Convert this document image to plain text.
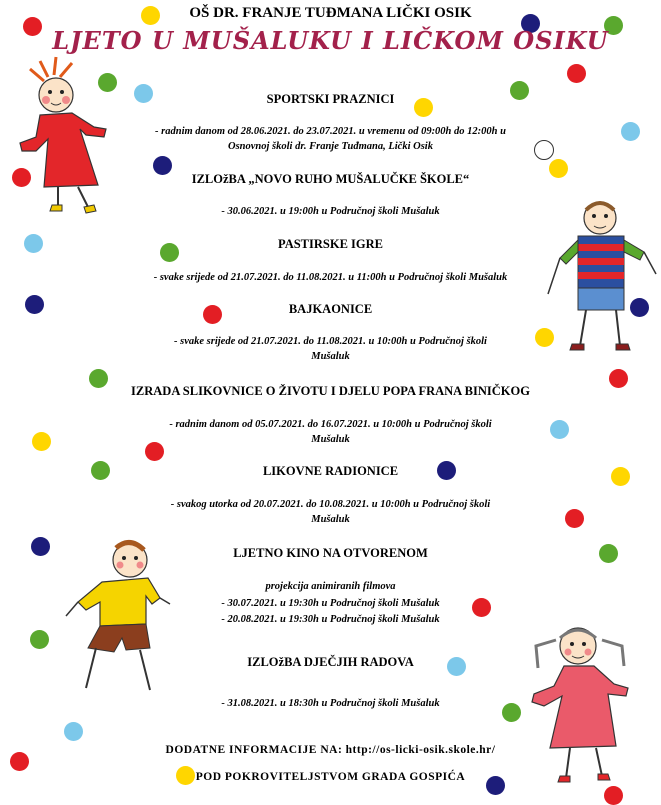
OŠ DR. FRANJE TUĐMANA LIČKI OSIK
LJETO U MUŠALUKU I LIČKOM OSIKU
SPORTSKI PRAZNICI
- radnim danom od 28.06.2021. do 23.07.2021. u vremenu od 09:00h do 12:00h u
Osnovnoj školi dr. Franje Tuđmana, Lički Osik
IZLOžBA „NOVO RUHO MUŠALUČKE ŠKOLE“
- 30.06.2021. u 19:00h u Područnoj školi Mušaluk
PASTIRSKE IGRE
- svake srijede od 21.07.2021. do 11.08.2021. u 11:00h u Područnoj školi Mušaluk
BAJKAONICE
- svake srijede od 21.07.2021. do 11.08.2021. u 10:00h u Područnoj školi
Mušaluk
IZRADA SLIKOVNICE O ŽIVOTU I DJELU POPA FRANA BINIČKOG
- radnim danom od 05.07.2021. do 16.07.2021. u 10:00h u Područnoj školi
Mušaluk
LIKOVNE RADIONICE
- svakog utorka od 20.07.2021. do 10.08.2021. u 10:00h u Područnoj školi
Mušaluk
LJETNO KINO NA OTVORENOM
projekcija animiranih filmova
- 30.07.2021. u 19:30h u Područnoj školi Mušaluk
- 20.08.2021. u 19:30h u Područnoj školi Mušaluk
IZLOžBA DJEČJIH RADOVA
- 31.08.2021. u 18:30h u Područnoj školi Mušaluk
DODATNE INFORMACIJE NA: http://os-licki-osik.skole.hr/
POD POKROVITELJSTVOM GRADA GOSPIĆA
